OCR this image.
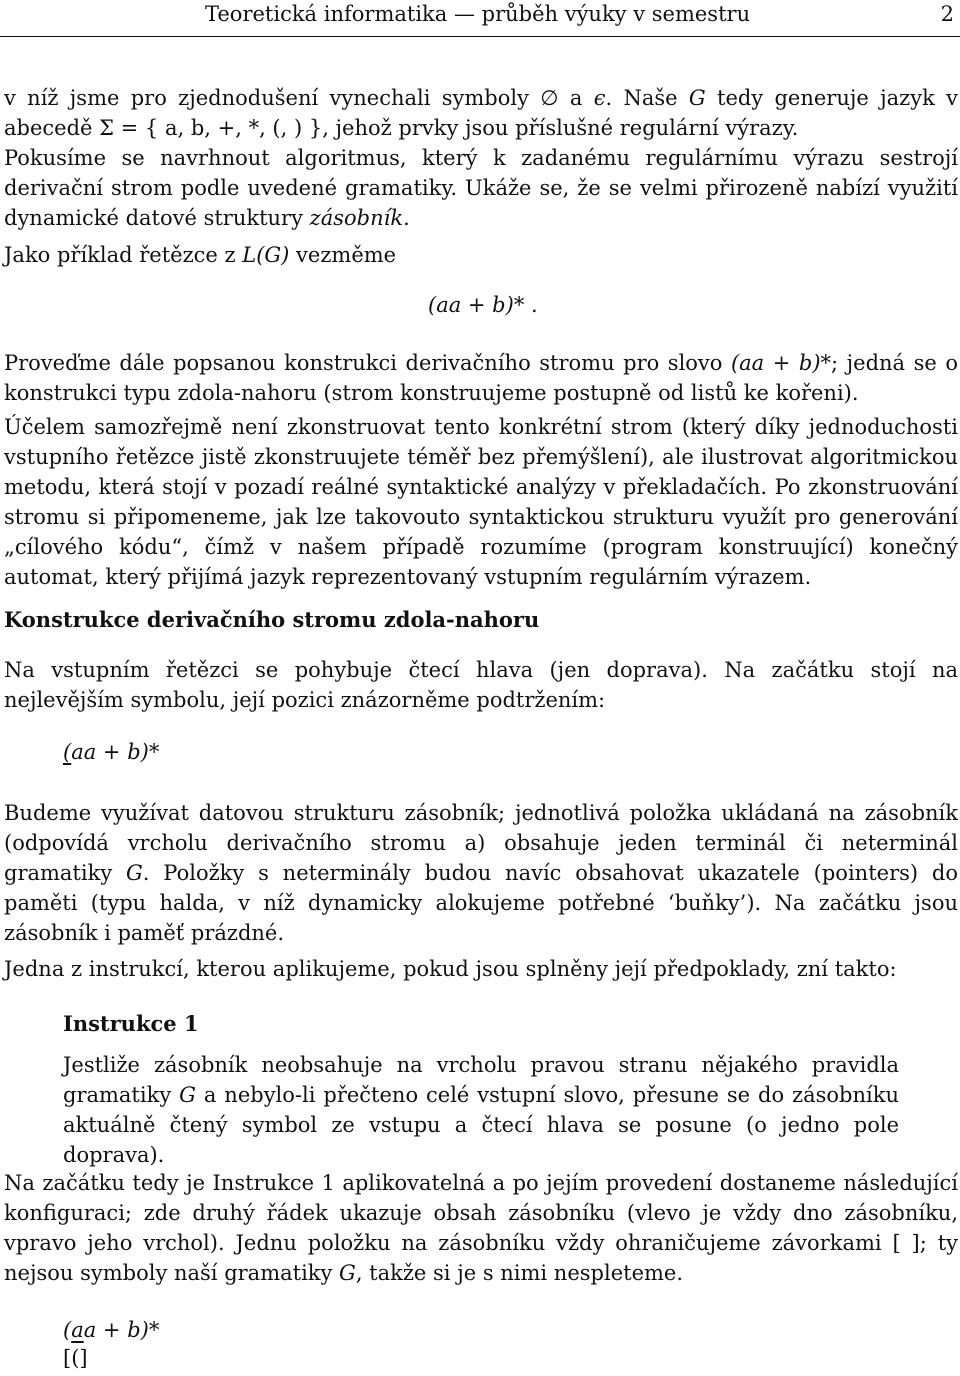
Teoretická informatika — průběh výuky v semestru	2

v níž jsme pro zjednodušení vynechali symboly ∅ a ϵ. Naše G tedy generuje jazyk v abecedě Σ = { a, b, +, *, (, ) }, jehož prvky jsou příslušné regulární výrazy.

Pokusíme se navrhnout algoritmus, který k zadanému regulárnímu výrazu sestrojí derivační strom podle uvedené gramatiky. Ukáže se, že se velmi přirozeně nabízí využití dynamické datové struktury zásobník.

Jako příklad řetězce z L(G) vezměme

(aa + b)* .

Proveďme dále popsanou konstrukci derivačního stromu pro slovo (aa + b)*; jedná se o konstrukci typu zdola-nahoru (strom konstruujeme postupně od listů ke kořeni).

Účelem samozřejmě není zkonstruovat tento konkrétní strom (který díky jednoduchosti vstupního řetězce jistě zkonstruujete téměř bez přemýšlení), ale ilustrovat algoritmickou metodu, která stojí v pozadí reálné syntaktické analýzy v překladačích. Po zkonstruování stromu si připomeneme, jak lze takovouto syntaktickou strukturu využít pro generování „cílového kódu“, čímž v našem případě rozumíme (program konstruující) konečný automat, který přijímá jazyk reprezentovaný vstupním regulárním výrazem.

Konstrukce derivačního stromu zdola-nahoru

Na vstupním řetězci se pohybuje čtecí hlava (jen doprava). Na začátku stojí na nejlevějším symbolu, její pozici znázorněme podtržením:

(aa + b)*

Budeme využívat datovou strukturu zásobník; jednotlivá položka ukládaná na zásobník (odpovídá vrcholu derivačního stromu a) obsahuje jeden terminál či neterminál gramatiky G. Položky s neterminály budou navíc obsahovat ukazatele (pointers) do paměti (typu halda, v níž dynamicky alokujeme potřebné ‘buňky’). Na začátku jsou zásobník i paměť prázdné.

Jedna z instrukcí, kterou aplikujeme, pokud jsou splněny její předpoklady, zní takto:

Instrukce 1

Jestliže zásobník neobsahuje na vrcholu pravou stranu nějakého pravidla gramatiky G a nebylo-li přečteno celé vstupní slovo, přesune se do zásobníku aktuálně čtený symbol ze vstupu a čtecí hlava se posune (o jedno pole doprava).

Na začátku tedy je Instrukce 1 aplikovatelná a po jejím provedení dostaneme následující konfiguraci; zde druhý řádek ukazuje obsah zásobníku (vlevo je vždy dno zásobníku, vpravo jeho vrchol). Jednu položku na zásobníku vždy ohraničujeme závorkami [ ]; ty nejsou symboly naší gramatiky G, takže si je s nimi nespleteme.

(aa + b)*

[(]
